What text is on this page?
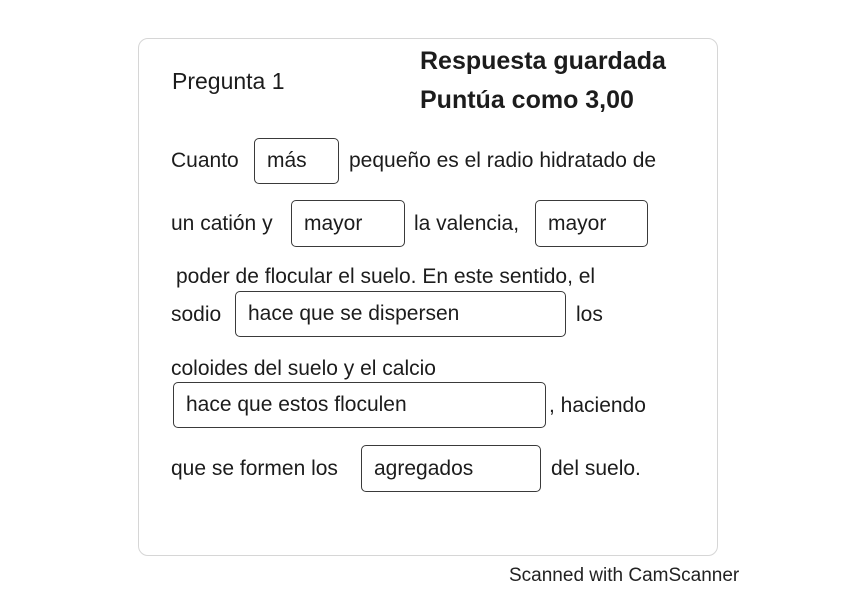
Pregunta 1
Respuesta guardada
Puntúa como 3,00
Cuanto
más	pequeño es el radio hidratado de
un catión y
mayor	la valencia,
mayor
poder de flocular el suelo. En este sentido, el
sodio
hace que se dispersen	los
coloides del suelo y el calcio
hace que estos floculen
, haciendo
que se formen los
agregados	del suelo.
Scanned with CamScanner
